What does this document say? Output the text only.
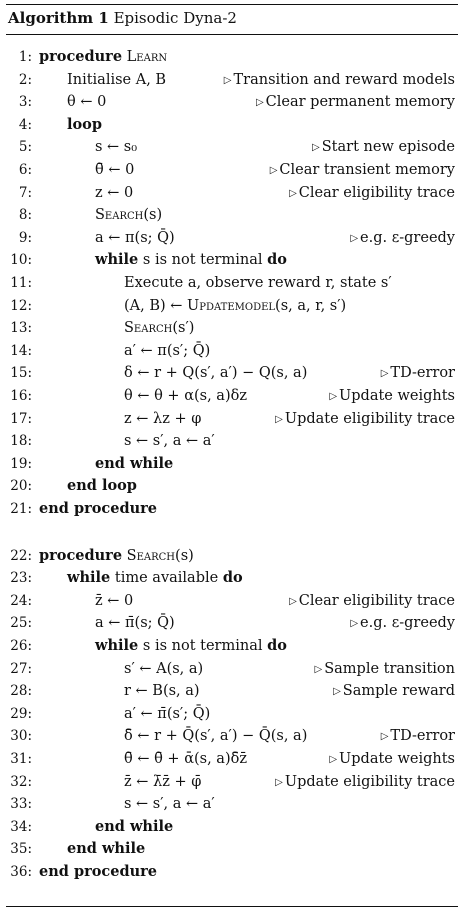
Algorithm 1 Episodic Dyna-2
1: procedure Learn
2: Initialise A, B	▷ Transition and reward models
3: θ ← 0	▷ Clear permanent memory
4: loop
5:	s ← s₀	▷ Start new episode
6:	θ̄ ← 0	▷ Clear transient memory
7:	z ← 0	▷ Clear eligibility trace
8:	Search(s)
9:	a ← π(s; Q̄)	▷ e.g. ε-greedy
10:	while s is not terminal do
11:	Execute a, observe reward r, state s′
12:	(A, B) ← Updatemodel(s, a, r, s′)
13:	Search(s′)
14:	a′ ← π(s′; Q̄)
15:	δ ← r + Q(s′, a′) − Q(s, a)	▷ TD-error
16:	θ ← θ + α(s, a)δz	▷ Update weights
17:	z ← λz + φ	▷ Update eligibility trace
18:	s ← s′, a ← a′
19:	end while
20: end loop
21: end procedure
22: procedure Search(s)
23: while time available do
24:	z̄ ← 0	▷ Clear eligibility trace
25:	a ← π̄(s; Q̄)	▷ e.g. ε-greedy
26:	while s is not terminal do
27:	s′ ← A(s, a)	▷ Sample transition
28:	r ← B(s, a)	▷ Sample reward
29:	a′ ← π̄(s′; Q̄)
30:	δ̄ ← r + Q̄(s′, a′) − Q̄(s, a)	▷ TD-error
31:	θ̄ ← θ̄ + ᾱ(s, a)δ̄z̄	▷ Update weights
32:	z̄ ← λ̄z̄ + φ̄	▷ Update eligibility trace
33:	s ← s′, a ← a′
34:	end while
35: end while
36: end procedure
